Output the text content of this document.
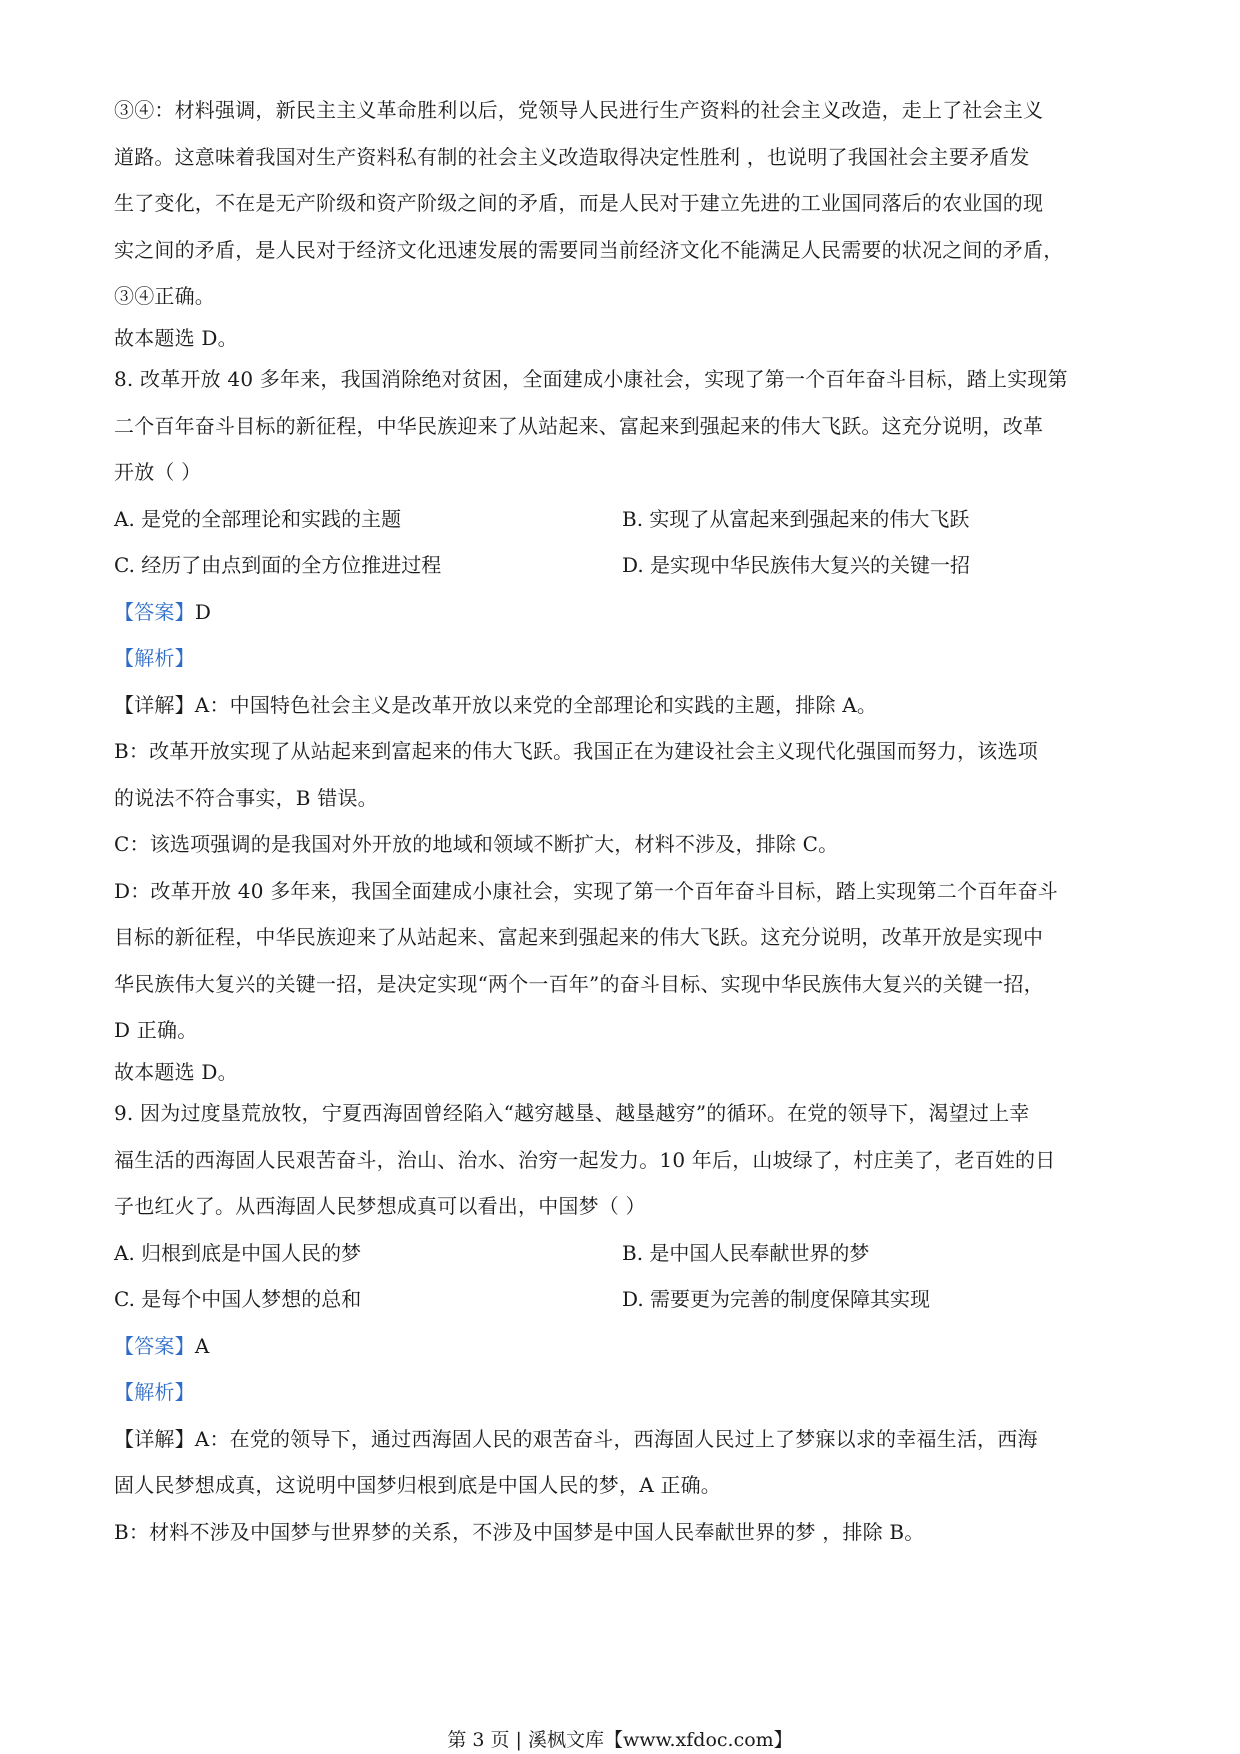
③④：材料强调，新民主主义革命胜利以后，党领导人民进行生产资料的社会主义改造，走上了社会主义
道路。这意味着我国对生产资料私有制的社会主义改造取得决定性胜利 ，也说明了我国社会主要矛盾发
生了变化，不在是无产阶级和资产阶级之间的矛盾，而是人民对于建立先进的工业国同落后的农业国的现
实之间的矛盾，是人民对于经济文化迅速发展的需要同当前经济文化不能满足人民需要的状况之间的矛盾，
③④正确。
故本题选 D。
8. 改革开放 40 多年来，我国消除绝对贫困，全面建成小康社会，实现了第一个百年奋斗目标，踏上实现第
二个百年奋斗目标的新征程，中华民族迎来了从站起来、富起来到强起来的伟大飞跃。这充分说明，改革
开放（ ）
A. 是党的全部理论和实践的主题	B. 实现了从富起来到强起来的伟大飞跃
C. 经历了由点到面的全方位推进过程	D. 是实现中华民族伟大复兴的关键一招
【答案】D
【解析】
【详解】A：中国特色社会主义是改革开放以来党的全部理论和实践的主题，排除 A。
B：改革开放实现了从站起来到富起来的伟大飞跃。我国正在为建设社会主义现代化强国而努力，该选项
的说法不符合事实，B 错误。
C：该选项强调的是我国对外开放的地域和领域不断扩大，材料不涉及，排除 C。
D：改革开放 40 多年来，我国全面建成小康社会，实现了第一个百年奋斗目标，踏上实现第二个百年奋斗
目标的新征程，中华民族迎来了从站起来、富起来到强起来的伟大飞跃。这充分说明，改革开放是实现中
华民族伟大复兴的关键一招，是决定实现“两个一百年”的奋斗目标、实现中华民族伟大复兴的关键一招，
D 正确。
故本题选 D。
9. 因为过度垦荒放牧，宁夏西海固曾经陷入“越穷越垦、越垦越穷”的循环。在党的领导下，渴望过上幸
福生活的西海固人民艰苦奋斗，治山、治水、治穷一起发力。10 年后，山坡绿了，村庄美了，老百姓的日
子也红火了。从西海固人民梦想成真可以看出，中国梦（ ）
A. 归根到底是中国人民的梦	B. 是中国人民奉献世界的梦
C. 是每个中国人梦想的总和	D. 需要更为完善的制度保障其实现
【答案】A
【解析】
【详解】A：在党的领导下，通过西海固人民的艰苦奋斗，西海固人民过上了梦寐以求的幸福生活，西海
固人民梦想成真，这说明中国梦归根到底是中国人民的梦，A 正确。
B：材料不涉及中国梦与世界梦的关系，不涉及中国梦是中国人民奉献世界的梦 ，排除 B。
第 3 页 | 溪枫文库【www.xfdoc.com】
